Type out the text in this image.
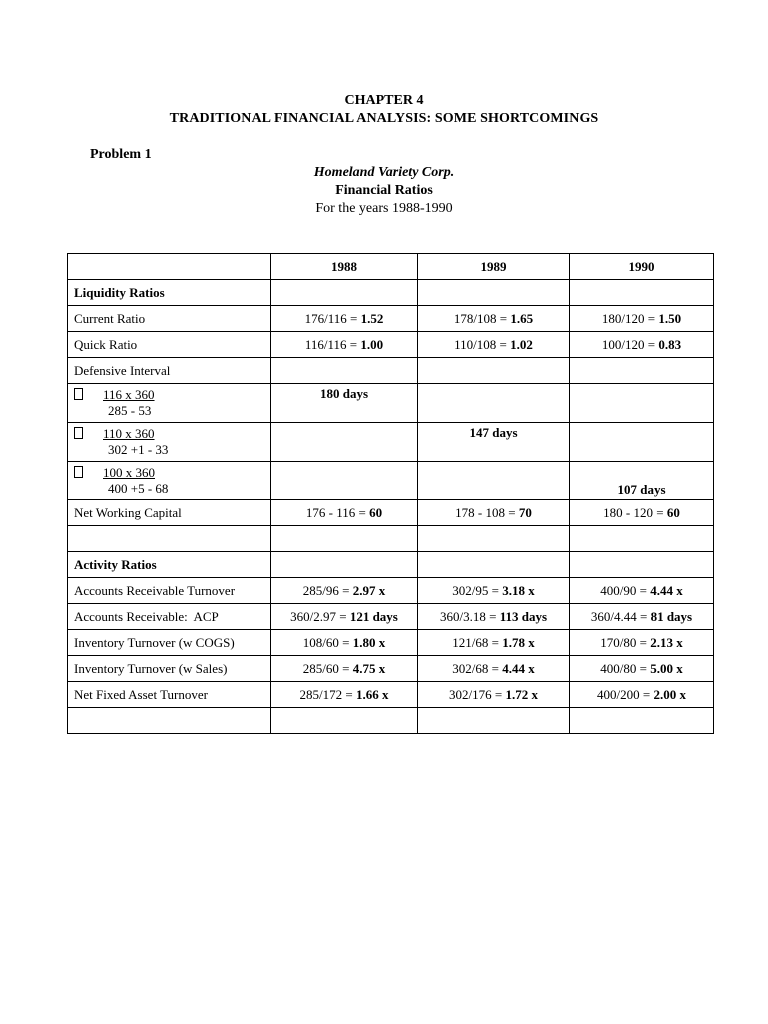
CHAPTER 4
TRADITIONAL FINANCIAL ANALYSIS: SOME SHORTCOMINGS
Problem 1
Homeland Variety Corp.
Financial Ratios
For the years 1988-1990
	1988	1989	1990
Liquidity Ratios			
Current Ratio	176/116 = 1.52	178/108 = 1.65	180/120 = 1.50
Quick Ratio	116/116 = 1.00	110/108 = 1.02	100/120 = 0.83
Defensive Interval			

116 x 360
285 - 53	180 days		

110 x 360
302 +1 - 33		147 days	

100 x 360
400 +5 - 68			107 days
Net Working Capital	176 - 116 = 60	178 - 108 = 70	180 - 120 = 60

Activity Ratios			
Accounts Receivable Turnover	285/96 = 2.97 x	302/95 = 3.18 x	400/90 = 4.44 x
Accounts Receivable:  ACP	360/2.97 = 121 days	360/3.18 = 113 days	360/4.44 = 81 days
Inventory Turnover (w COGS)	108/60 = 1.80 x	121/68 = 1.78 x	170/80 = 2.13 x
Inventory Turnover (w Sales)	285/60 = 4.75 x	302/68 = 4.44 x	400/80 = 5.00 x
Net Fixed Asset Turnover	285/172 = 1.66 x	302/176 = 1.72 x	400/200 = 2.00 x
